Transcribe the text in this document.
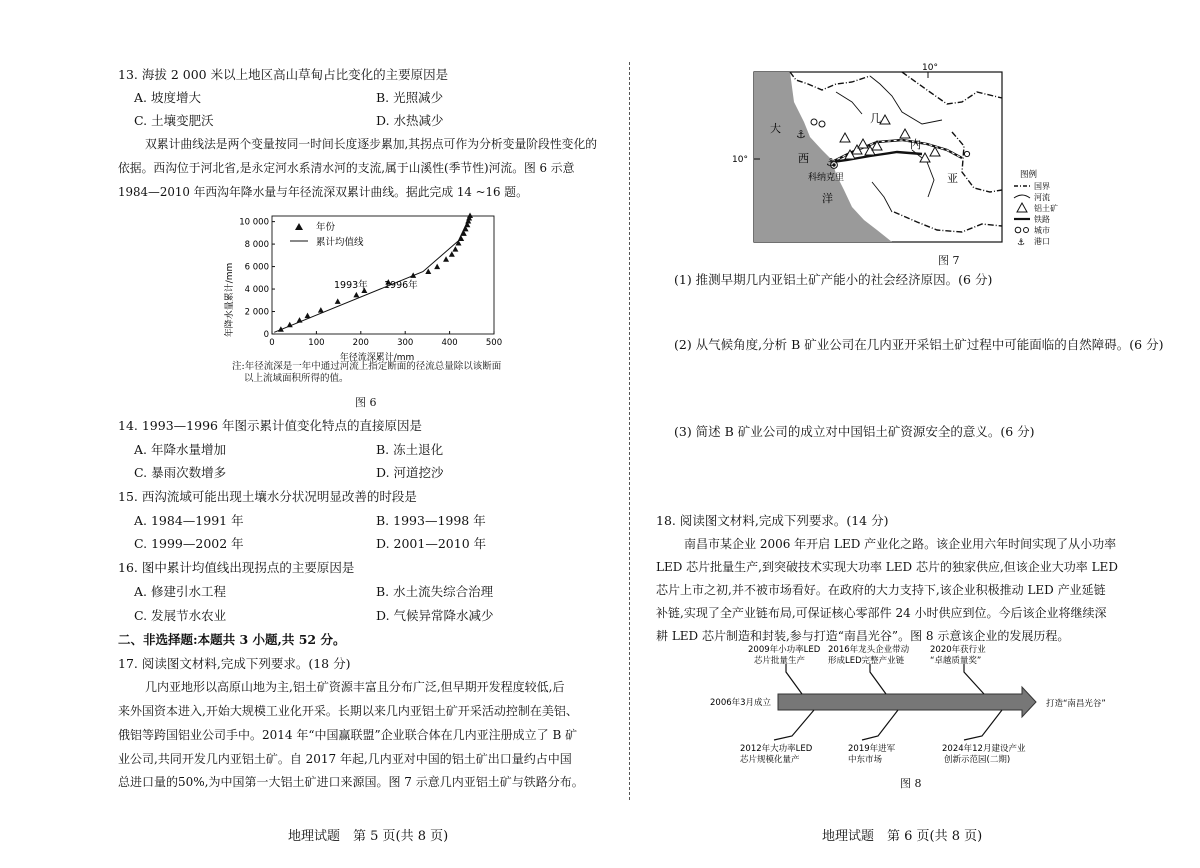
13. 海拔 2 000 米以上地区高山草甸占比变化的主要原因是
A. 坡度增大	B. 光照减少
C. 土壤变肥沃	D. 水热减少
双累计曲线法是两个变量按同一时间长度逐步累加,其拐点可作为分析变量阶段性变化的
依据。西沟位于河北省,是永定河水系清水河的支流,属于山溪性(季节性)河流。图 6 示意
1984—2010 年西沟年降水量与年径流深双累计曲线。据此完成 14 ~16 题。
0	100	200	300	400	500
0
2 000
4 000
6 000
8 000
10 000	年份
累计均值线
1993年 1996年
年降水量累计/mm
年径流深累计/mm
注:年径流深是一年中通过河流上指定断面的径流总量除以该断面
以上流域面积所得的值。
图 6
14. 1993—1996 年图示累计值变化特点的直接原因是
A. 年降水量增加	B. 冻土退化
C. 暴雨次数增多	D. 河道挖沙
15. 西沟流域可能出现土壤水分状况明显改善的时段是
A. 1984—1991 年	B. 1993—1998 年
C. 1999—2002 年	D. 2001—2010 年
16. 图中累计均值线出现拐点的主要原因是
A. 修建引水工程	B. 水土流失综合治理
C. 发展节水农业	D. 气候异常降水减少
二、非选择题:本题共 3 小题,共 52 分。
17. 阅读图文材料,完成下列要求。(18 分)
几内亚地形以高原山地为主,铝土矿资源丰富且分布广泛,但早期开发程度较低,后
来外国资本进入,开始大规模工业化开采。长期以来几内亚铝土矿开采活动控制在美铝、
俄铝等跨国铝业公司手中。2014 年“中国赢联盟”企业联合体在几内亚注册成立了 B 矿
业公司,共同开发几内亚铝土矿。自 2017 年起,几内亚对中国的铝土矿出口量约占中国
总进口量的50%,为中国第一大铝土矿进口来源国。图 7 示意几内亚铝土矿与铁路分布。
地理试题　第 5 页(共 8 页)
⚓
⚓
10°
10°
大
西
洋
几
内
亚
科纳克里	图例
国界
河流
铝土矿
铁路
城市
⚓ 港口
图 7
(1) 推测早期几内亚铝土矿产能小的社会经济原因。(6 分)
(2) 从气候角度,分析 B 矿业公司在几内亚开采铝土矿过程中可能面临的自然障碍。(6 分)
(3) 简述 B 矿业公司的成立对中国铝土矿资源安全的意义。(6 分)
18. 阅读图文材料,完成下列要求。(14 分)
南昌市某企业 2006 年开启 LED 产业化之路。该企业用六年时间实现了从小功率
LED 芯片批量生产,到突破技术实现大功率 LED 芯片的独家供应,但该企业大功率 LED
芯片上市之初,并不被市场看好。在政府的大力支持下,该企业积极推动 LED 产业延链
补链,实现了全产业链布局,可保证核心零部件 24 小时供应到位。今后该企业将继续深
耕 LED 芯片制造和封装,参与打造“南昌光谷”。图 8 示意该企业的发展历程。
2006年3月成立	打造“南昌光谷”
2009年小功率LED
芯片批量生产
2016年龙头企业带动
形成LED完整产业链
2020年获行业
“卓越质量奖”
2012年大功率LED
芯片规模化量产
2019年进军
中东市场
2024年12月建设产业
创新示范园(二期)
图 8
地理试题　第 6 页(共 8 页)
